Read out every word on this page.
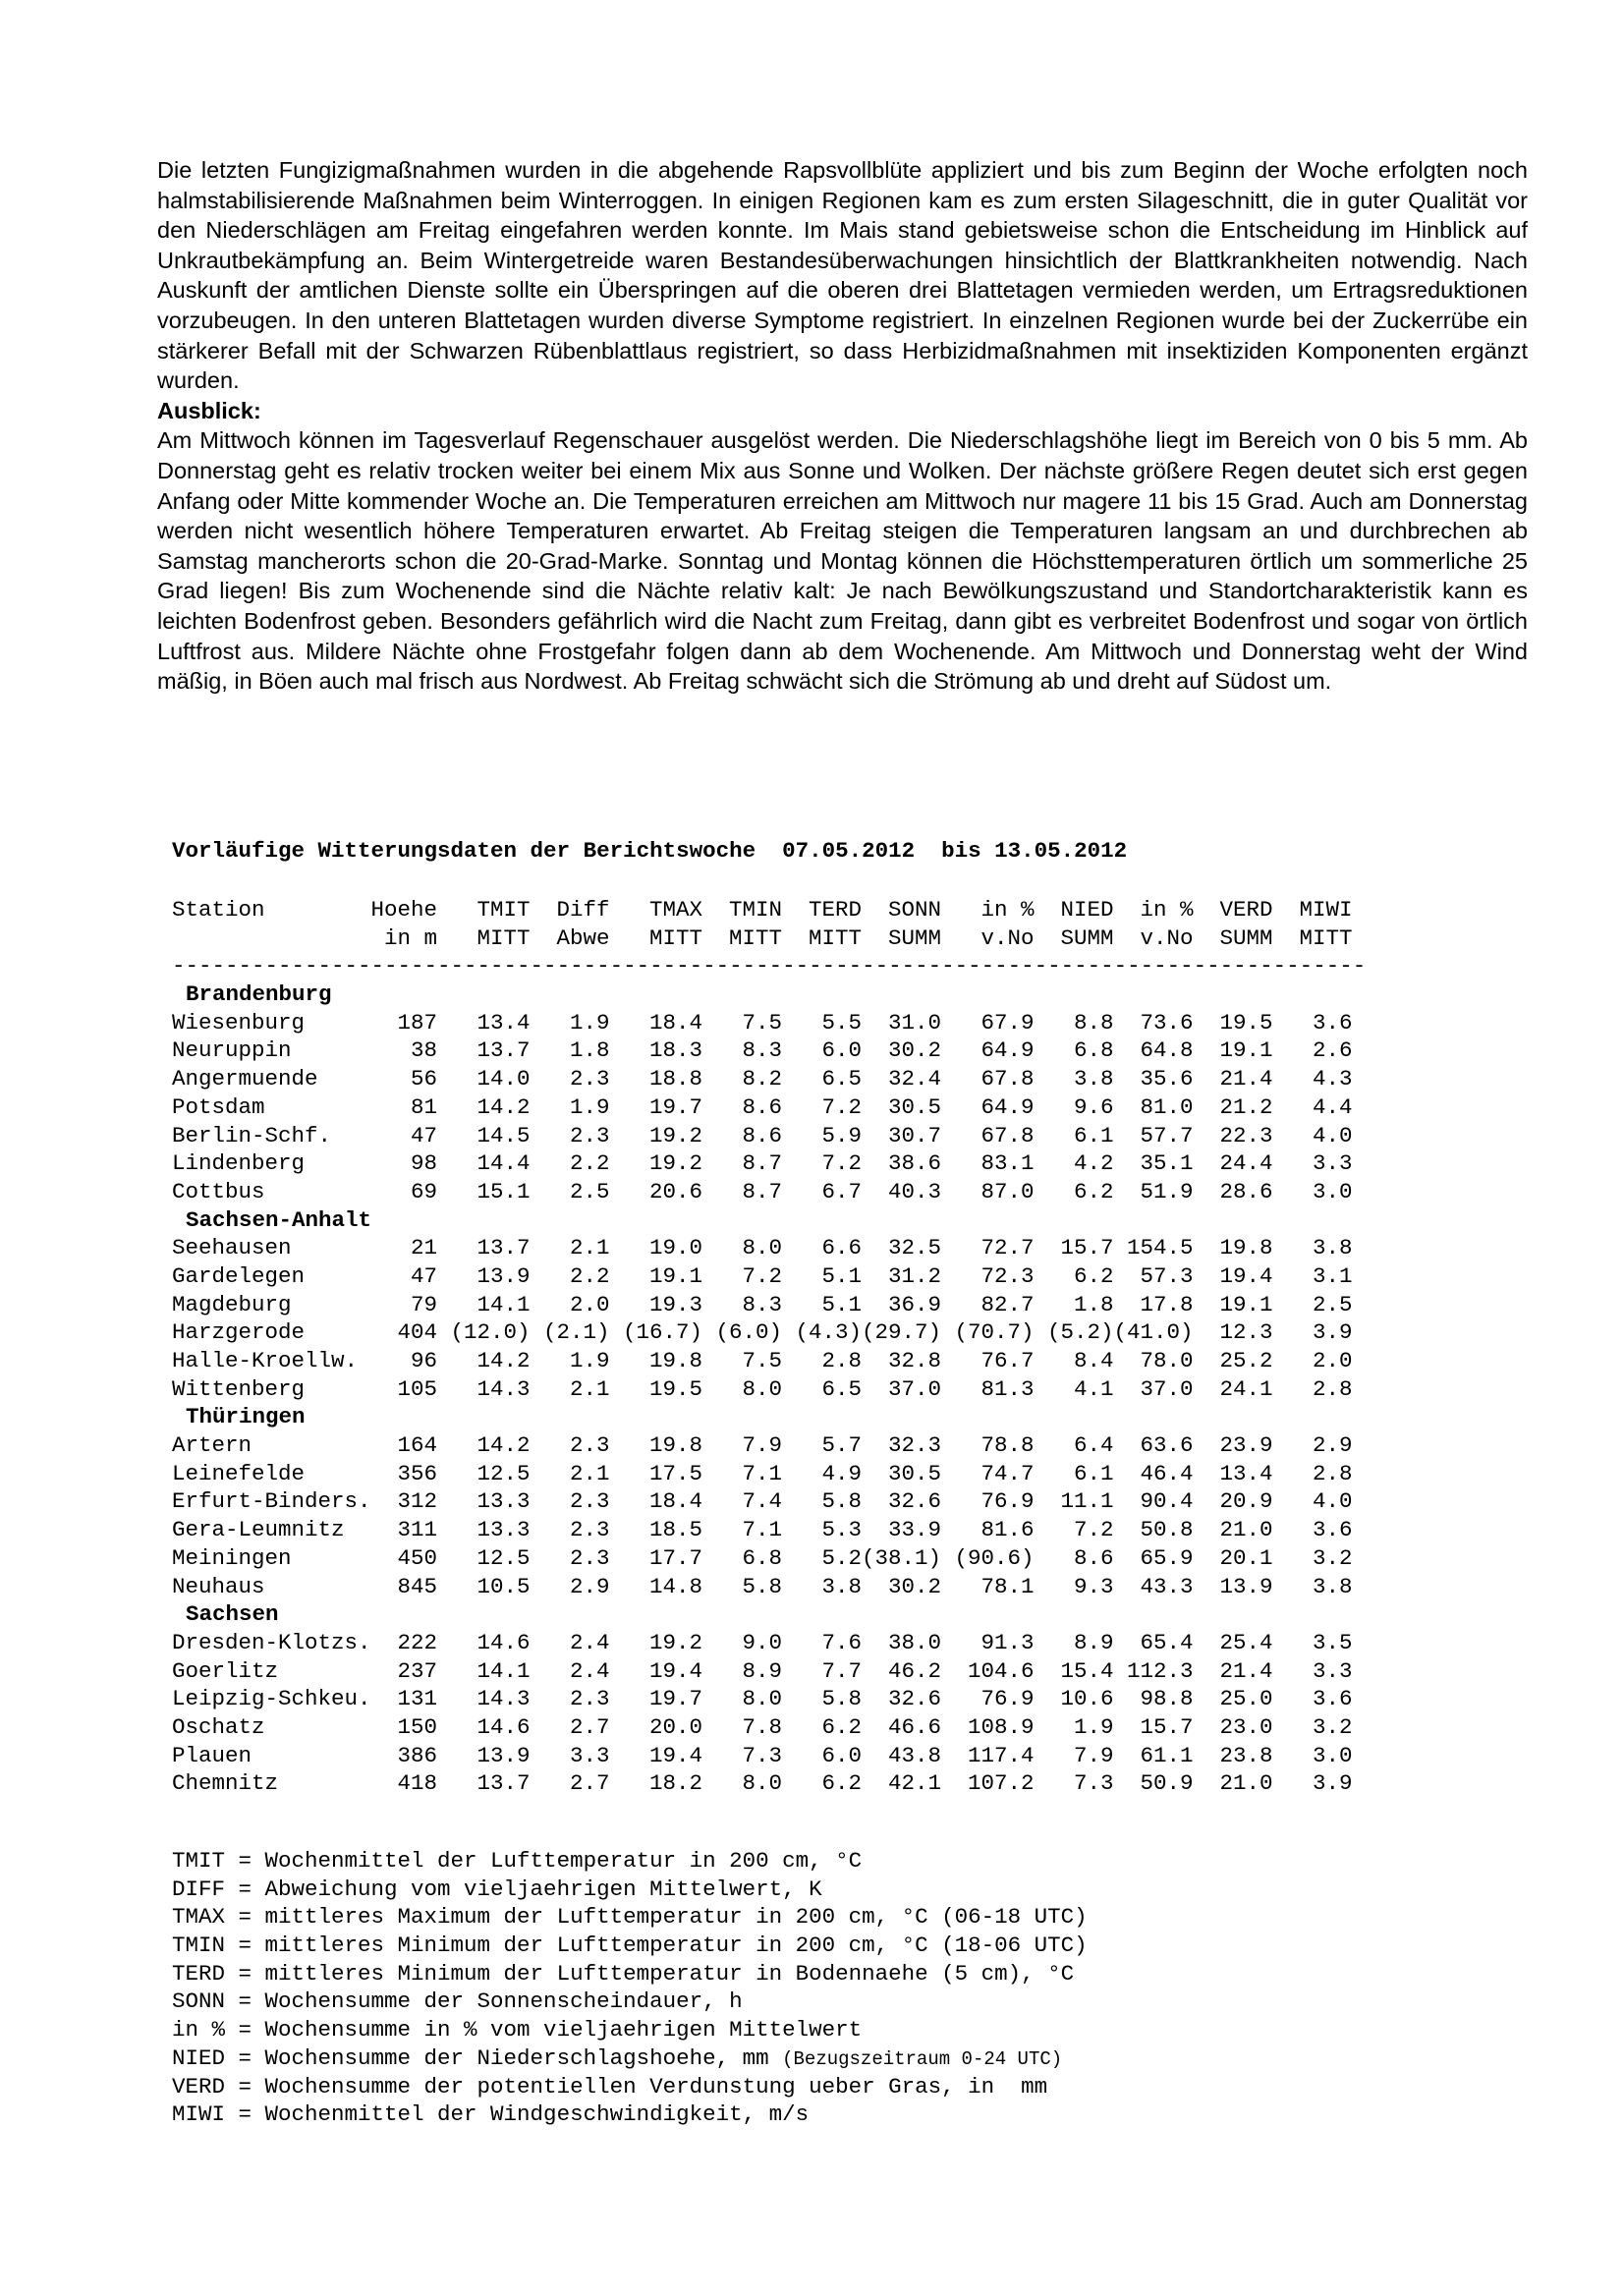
Die letzten Fungizigmaßnahmen wurden in die abgehende Rapsvollblüte appliziert und bis zum Beginn der Woche erfolgten noch halmstabilisierende Maßnahmen beim Winterroggen. In einigen Regionen kam es zum ersten Silageschnitt, die in guter Qualität vor den Niederschlägen am Freitag eingefahren werden konnte. Im Mais stand gebietsweise schon die Entscheidung im Hinblick auf Unkrautbekämpfung an. Beim Wintergetreide waren Bestandesüberwachungen hinsichtlich der Blattkrankheiten notwendig. Nach Auskunft der amtlichen Dienste sollte ein Überspringen auf die oberen drei Blattetagen vermieden werden, um Ertragsreduktionen vorzubeugen. In den unteren Blattetagen wurden diverse Symptome registriert. In einzelnen Regionen wurde bei der Zuckerrübe ein stärkerer Befall mit der Schwarzen Rübenblattlaus registriert, so dass Herbizidmaßnahmen mit insektiziden Komponenten ergänzt wurden.

Ausblick:

Am Mittwoch können im Tagesverlauf Regenschauer ausgelöst werden. Die Niederschlagshöhe liegt im Bereich von 0 bis 5 mm. Ab Donnerstag geht es relativ trocken weiter bei einem Mix aus Sonne und Wolken. Der nächste größere Regen deutet sich erst gegen Anfang oder Mitte kommender Woche an. Die Temperaturen erreichen am Mittwoch nur magere 11 bis 15 Grad. Auch am Donnerstag werden nicht wesentlich höhere Temperaturen erwartet. Ab Freitag steigen die Temperaturen langsam an und durchbrechen ab Samstag mancherorts schon die 20-Grad-Marke. Sonntag und Montag können die Höchsttemperaturen örtlich um sommerliche 25 Grad liegen! Bis zum Wochenende sind die Nächte relativ kalt: Je nach Bewölkungszustand und Standortcharakteristik kann es leichten Bodenfrost geben. Besonders gefährlich wird die Nacht zum Freitag, dann gibt es verbreitet Bodenfrost und sogar von örtlich Luftfrost aus. Mildere Nächte ohne Frostgefahr folgen dann ab dem Wochenende. Am Mittwoch und Donnerstag weht der Wind mäßig, in Böen auch mal frisch aus Nordwest. Ab Freitag schwächt sich die Strömung ab und dreht auf Südost um.

Vorläufige Witterungsdaten der Berichtswoche  07.05.2012  bis 13.05.2012
Station	Hoehe TMIT Diff TMAX TMIN TERD SONN in % NIED in % VERD MIWI
in m MITT Abwe MITT MITT MITT SUMM v.No SUMM v.No SUMM MITT
------------------------------------------------------------------------------------------
Brandenburg
Wiesenburg	187 13.4 1.9 18.4 7.5 5.5 31.0 67.9 8.8 73.6 19.5 3.6
Neuruppin	38 13.7 1.8 18.3 8.3 6.0 30.2 64.9 6.8 64.8 19.1 2.6
Angermuende	56 14.0 2.3 18.8 8.2 6.5 32.4 67.8 3.8 35.6 21.4 4.3
Potsdam	81 14.2 1.9 19.7 8.6 7.2 30.5 64.9 9.6 81.0 21.2 4.4
Berlin-Schf.	47 14.5 2.3 19.2 8.6 5.9 30.7 67.8 6.1 57.7 22.3 4.0
Lindenberg	98 14.4 2.2 19.2 8.7 7.2 38.6 83.1 4.2 35.1 24.4 3.3
Cottbus	69 15.1 2.5 20.6 8.7 6.7 40.3 87.0 6.2 51.9 28.6 3.0
Sachsen-Anhalt
Seehausen	21 13.7 2.1 19.0 8.0 6.6 32.5 72.7 15.7 154.5 19.8 3.8
Gardelegen	47 13.9 2.2 19.1 7.2 5.1 31.2 72.3 6.2 57.3 19.4 3.1
Magdeburg	79 14.1 2.0 19.3 8.3 5.1 36.9 82.7 1.8 17.8 19.1 2.5
Harzgerode	404 (12.0) (2.1) (16.7) (6.0) (4.3)(29.7) (70.7) (5.2)(41.0) 12.3 3.9
Halle-Kroellw. 96 14.2 1.9 19.8 7.5 2.8 32.8 76.7 8.4 78.0 25.2 2.0
Wittenberg	105 14.3 2.1 19.5 8.0 6.5 37.0 81.3 4.1 37.0 24.1 2.8
Thüringen
Artern	164 14.2 2.3 19.8 7.9 5.7 32.3 78.8 6.4 63.6 23.9 2.9
Leinefelde	356 12.5 2.1 17.5 7.1 4.9 30.5 74.7 6.1 46.4 13.4 2.8
Erfurt-Binders. 312 13.3 2.3 18.4 7.4 5.8 32.6 76.9 11.1 90.4 20.9 4.0
Gera-Leumnitz 311 13.3 2.3 18.5 7.1 5.3 33.9 81.6 7.2 50.8 21.0 3.6
Meiningen	450 12.5 2.3 17.7 6.8 5.2(38.1) (90.6) 8.6 65.9 20.1 3.2
Neuhaus	845 10.5 2.9 14.8 5.8 3.8 30.2 78.1 9.3 43.3 13.9 3.8
Sachsen
Dresden-Klotzs. 222 14.6 2.4 19.2 9.0 7.6 38.0 91.3 8.9 65.4 25.4 3.5
Goerlitz	237 14.1 2.4 19.4 8.9 7.7 46.2 104.6 15.4 112.3 21.4 3.3
Leipzig-Schkeu. 131 14.3 2.3 19.7 8.0 5.8 32.6 76.9 10.6 98.8 25.0 3.6
Oschatz	150 14.6 2.7 20.0 7.8 6.2 46.6 108.9 1.9 15.7 23.0 3.2
Plauen	386 13.9 3.3 19.4 7.3 6.0 43.8 117.4 7.9 61.1 23.8 3.0
Chemnitz	418 13.7 2.7 18.2 8.0 6.2 42.1 107.2 7.3 50.9 21.0 3.9
TMIT = Wochenmittel der Lufttemperatur in 200 cm, °C
DIFF = Abweichung vom vieljaehrigen Mittelwert, K
TMAX = mittleres Maximum der Lufttemperatur in 200 cm, °C (06-18 UTC)
TMIN = mittleres Minimum der Lufttemperatur in 200 cm, °C (18-06 UTC)
TERD = mittleres Minimum der Lufttemperatur in Bodennaehe (5 cm), °C
SONN = Wochensumme der Sonnenscheindauer, h
in % = Wochensumme in % vom vieljaehrigen Mittelwert
NIED = Wochensumme der Niederschlagshoehe, mm (Bezugszeitraum 0-24 UTC)
VERD = Wochensumme der potentiellen Verdunstung ueber Gras, in  mm
MIWI = Wochenmittel der Windgeschwindigkeit, m/s
